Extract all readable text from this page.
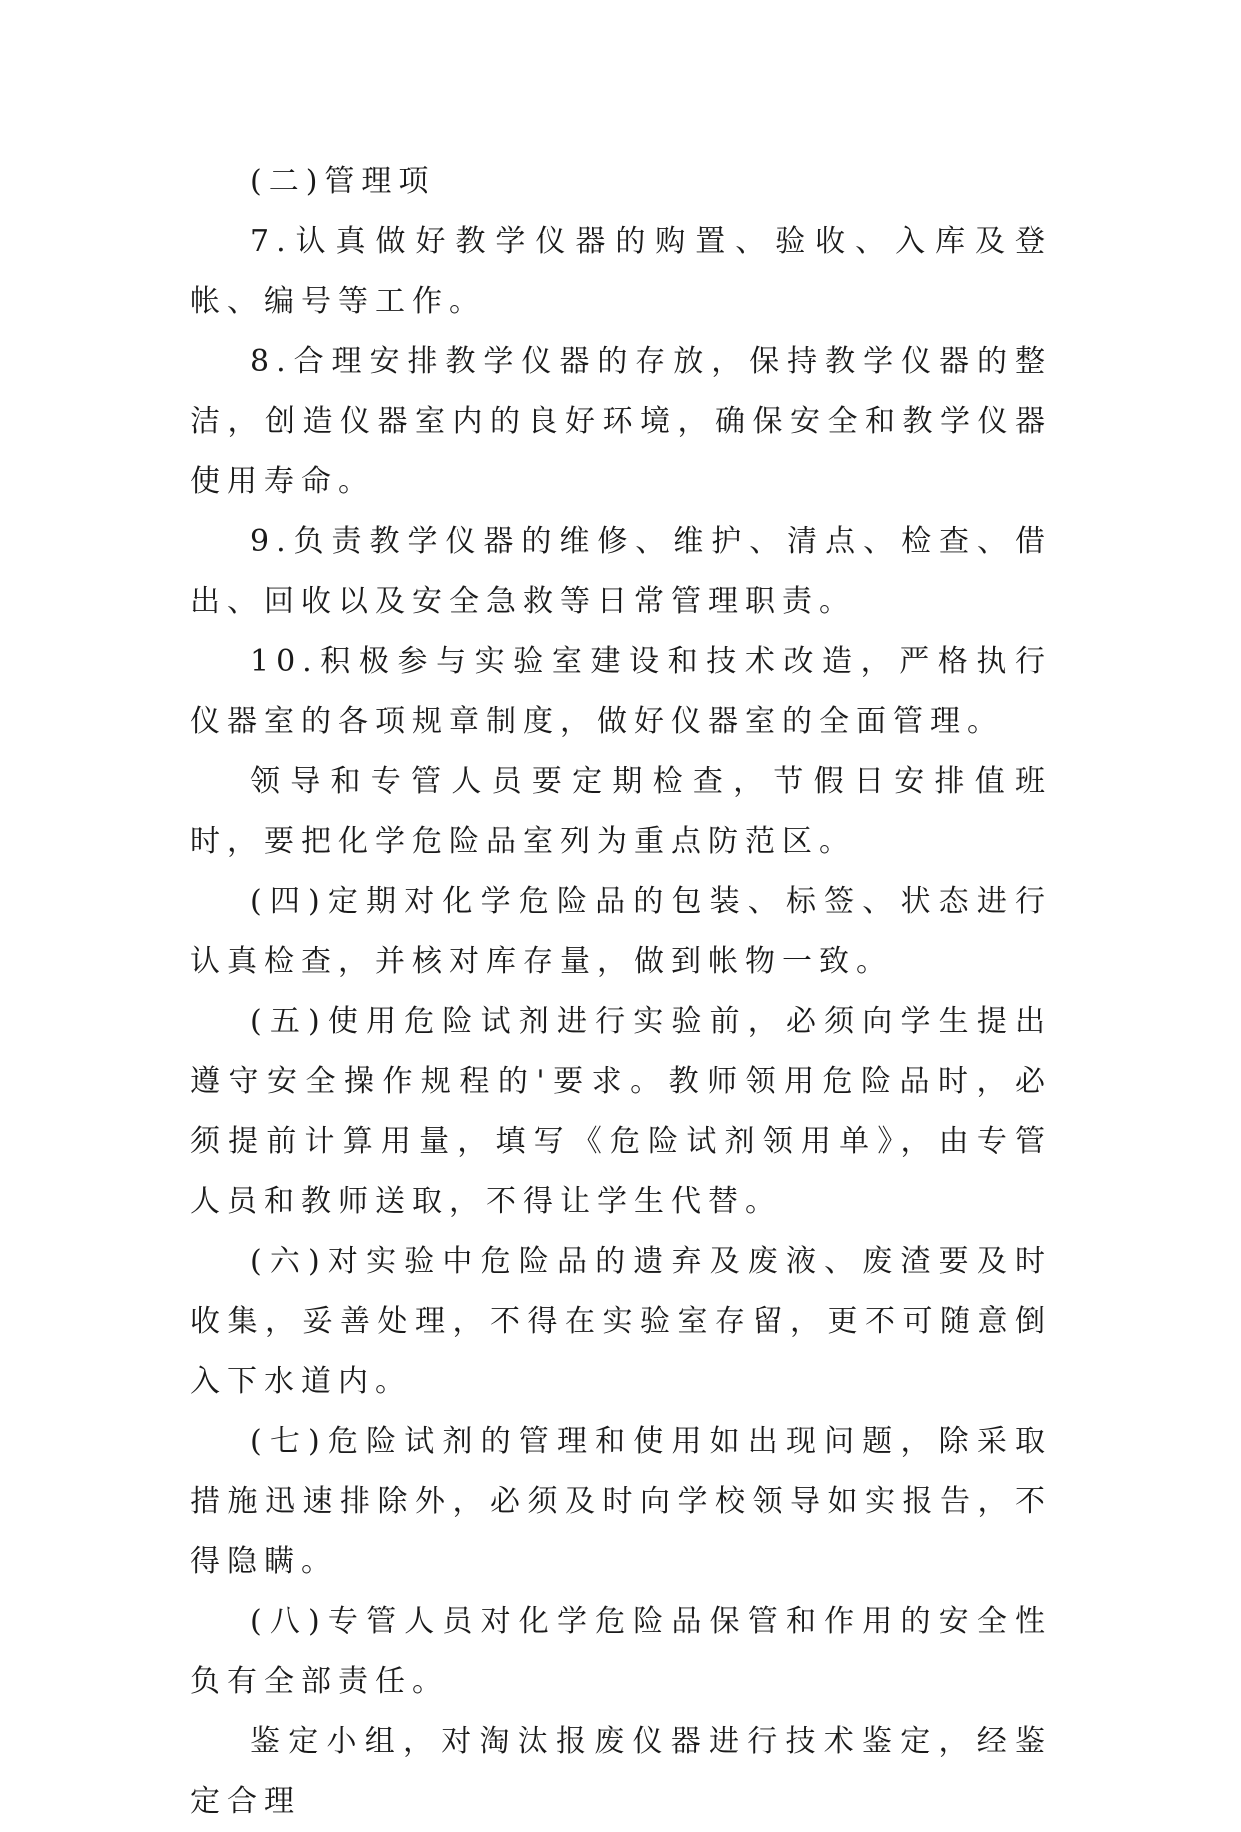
(二)管理项

7.认真做好教学仪器的购置、验收、入库及登帐、编号等工作。

8.合理安排教学仪器的存放，保持教学仪器的整洁，创造仪器室内的良好环境，确保安全和教学仪器使用寿命。

9.负责教学仪器的维修、维护、清点、检查、借出、回收以及安全急救等日常管理职责。

10.积极参与实验室建设和技术改造，严格执行仪器室的各项规章制度，做好仪器室的全面管理。

领导和专管人员要定期检查，节假日安排值班时，要把化学危险品室列为重点防范区。

(四)定期对化学危险品的包装、标签、状态进行认真检查，并核对库存量，做到帐物一致。

(五)使用危险试剂进行实验前，必须向学生提出遵守安全操作规程的'要求。教师领用危险品时，必须提前计算用量，填写《危险试剂领用单》，由专管人员和教师送取，不得让学生代替。

(六)对实验中危险品的遗弃及废液、废渣要及时收集，妥善处理，不得在实验室存留，更不可随意倒入下水道内。

(七)危险试剂的管理和使用如出现问题，除采取措施迅速排除外，必须及时向学校领导如实报告，不得隐瞒。

(八)专管人员对化学危险品保管和作用的安全性负有全部责任。

鉴定小组，对淘汰报废仪器进行技术鉴定，经鉴定合理
